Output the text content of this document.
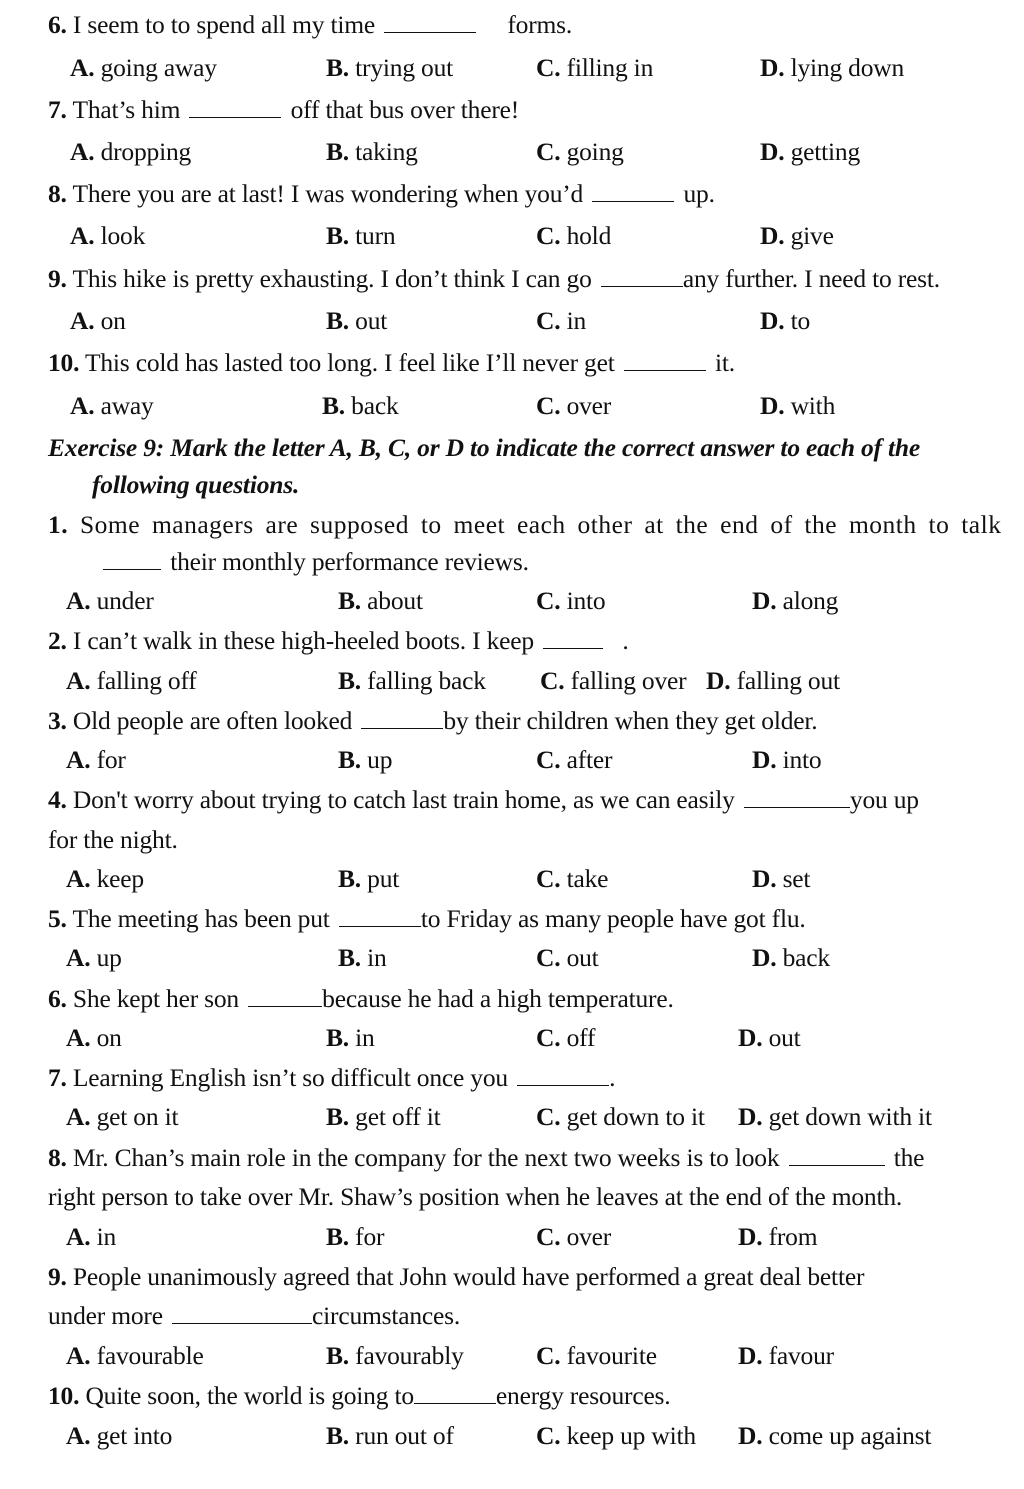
6. I seem to to spend all my time	forms.
A. going away	B. trying out	C. filling in	D. lying down
7. That’s him	off that bus over there!
A. dropping	B. taking	C. going	D. getting
8. There you are at last! I was wondering when you’d	up.
A. look	B. turn	C. hold	D. give
9. This hike is pretty exhausting. I don’t think I can go	any further. I need to rest.
A. on	B. out	C. in	D. to
10. This cold has lasted too long. I feel like I’ll never get	it.
A. away	B. back	C. over	D. with
Exercise 9: Mark the letter A, B, C, or D to indicate the correct answer to each of the
following questions.
1. Some managers are supposed to meet each other at the end of the month to talk
their monthly performance reviews.
A. under	B. about	C. into	D. along
2. I can’t walk in these high-heeled boots. I keep	.
A. falling off	B. falling back C. falling over D. falling out
3. Old people are often looked	by their children when they get older.
A. for	B. up	C. after	D. into
4. Don't worry about trying to catch last train home, as we can easily	you up
for the night.
A. keep	B. put	C. take	D. set
5. The meeting has been put	to Friday as many people have got flu.
A. up	B. in	C. out	D. back
6. She kept her son	because he had a high temperature.
A. on	B. in	C. off	D. out
7. Learning English isn’t so difficult once you	.
A. get on it	B. get off it	C. get down to it D. get down with it
8. Mr. Chan’s main role in the company for the next two weeks is to look	the
right person to take over Mr. Shaw’s position when he leaves at the end of the month.
A. in	B. for	C. over	D. from
9. People unanimously agreed that John would have performed a great deal better
under more	circumstances.
A. favourable	B. favourably	C. favourite	D. favour
10. Quite soon, the world is going to	energy resources.
A. get into	B. run out of	C. keep up with D. come up against
